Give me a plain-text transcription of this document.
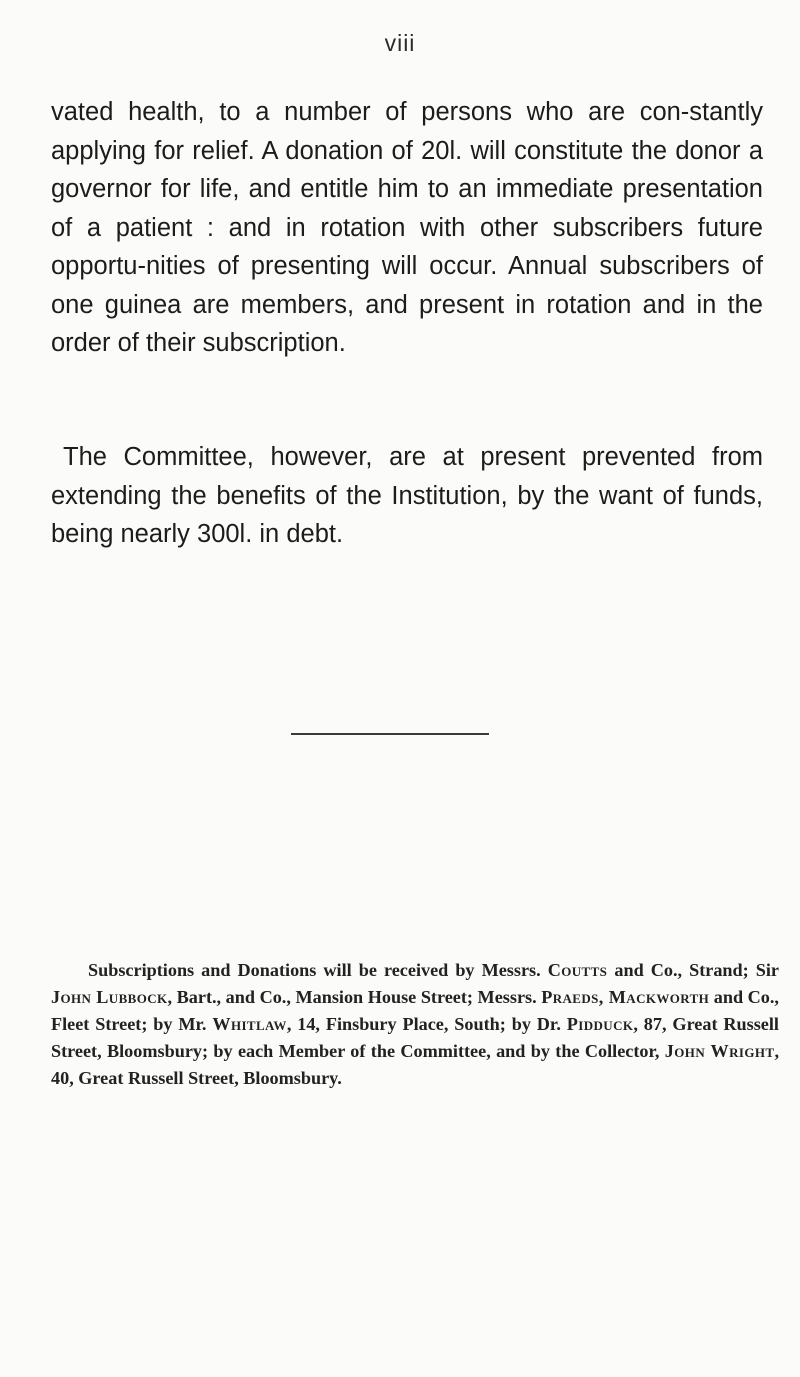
viii

vated health, to a number of persons who are con-stantly applying for relief. A donation of 20l. will constitute the donor a governor for life, and entitle him to an immediate presentation of a patient : and in rotation with other subscribers future opportu-nities of presenting will occur. Annual subscribers of one guinea are members, and present in rotation and in the order of their subscription.

The Committee, however, are at present prevented from extending the benefits of the Institution, by the want of funds, being nearly 300l. in debt.

Subscriptions and Donations will be received by Messrs. Coutts and Co., Strand; Sir John Lubbock, Bart., and Co., Mansion House Street; Messrs. Praeds, Mackworth and Co., Fleet Street; by Mr. Whitlaw, 14, Finsbury Place, South; by Dr. Pidduck, 87, Great Russell Street, Bloomsbury; by each Member of the Committee, and by the Collector, John Wright, 40, Great Russell Street, Bloomsbury.
